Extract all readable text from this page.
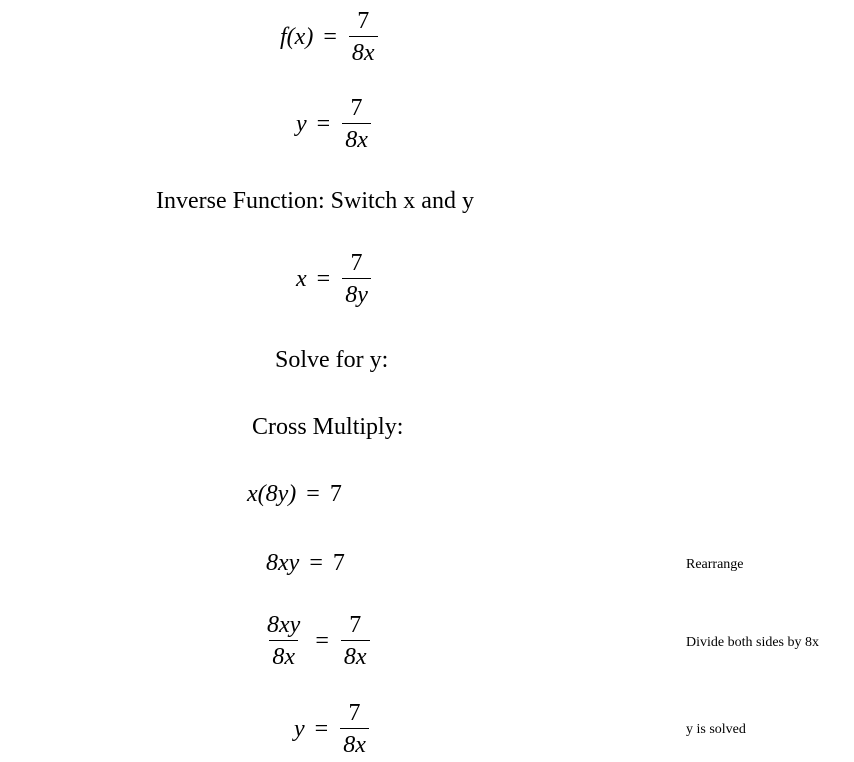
$f(x) = \frac{7}{8x}$
$y = \frac{7}{8x}$
Inverse Function: Switch x and y
$x = \frac{7}{8y}$
Solve for y:
Cross Multiply:
x(8y) = 7
8xy = 7	Rearrange
$\frac{8xy}{8x} = \frac{7}{8x}$	Divide both sides by 8x
$y = \frac{7}{8x}$	y is solved
